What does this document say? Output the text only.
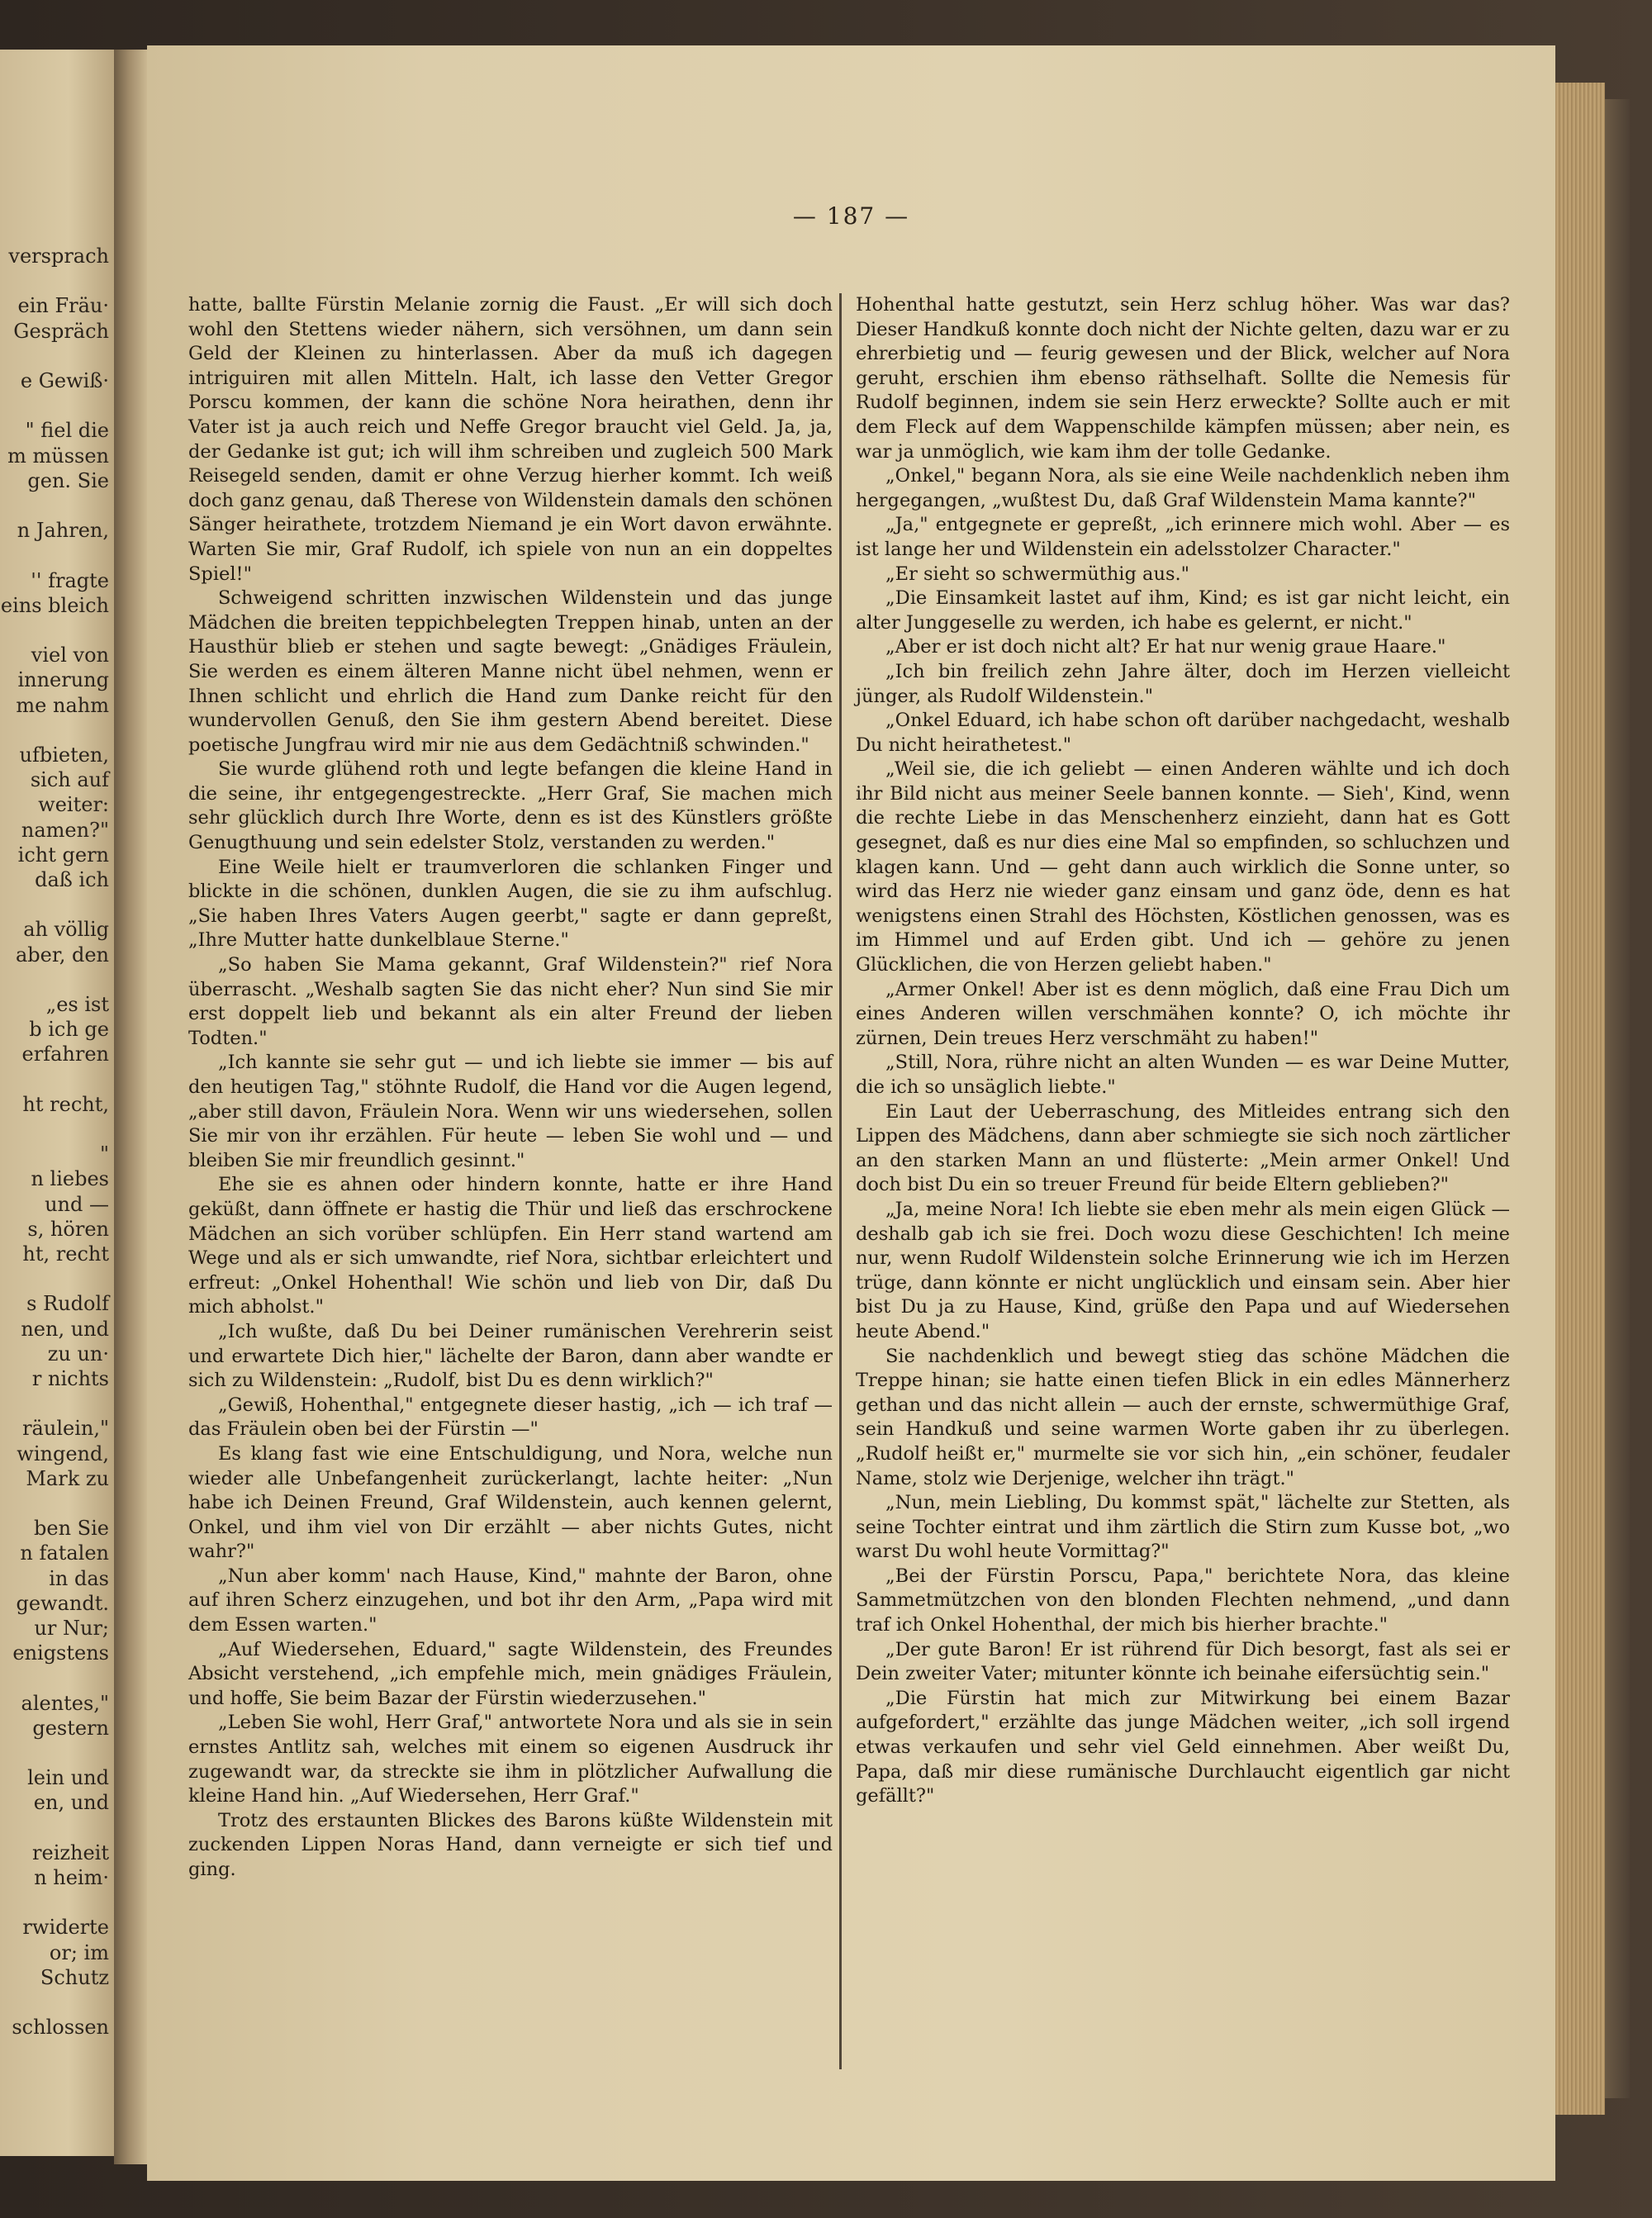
versprach
ein Fräu·
Gespräch
e Gewiß·
" fiel die
m müssen
gen. Sie
n Jahren,
'' fragte
eins bleich
viel von
innerung
me nahm
ufbieten,
sich auf
weiter:
namen?"
icht gern
daß ich
ah völlig
aber, den
„es ist
b ich ge
erfahren
ht recht,
"
n liebes
und —
s, hören
ht, recht
s Rudolf
nen, und
zu un·
r nichts
räulein,"
wingend,
Mark zu
ben Sie
n fatalen
in das
gewandt.
ur Nur;
enigstens
alentes,"
gestern
lein und
en, und
reizheit
n heim·
rwiderte
or; im
Schutz
schlossen
— 187 —

hatte, ballte Fürstin Melanie zornig die Faust. „Er will sich doch wohl den Stettens wieder nähern, sich versöhnen, um dann sein Geld der Kleinen zu hinterlassen. Aber da muß ich dagegen intriguiren mit allen Mitteln. Halt, ich lasse den Vetter Gregor Porscu kommen, der kann die schöne Nora heirathen, denn ihr Vater ist ja auch reich und Neffe Gregor braucht viel Geld. Ja, ja, der Gedanke ist gut; ich will ihm schreiben und zugleich 500 Mark Reisegeld senden, damit er ohne Verzug hierher kommt. Ich weiß doch ganz genau, daß Therese von Wildenstein damals den schönen Sänger heirathete, trotzdem Niemand je ein Wort davon erwähnte. Warten Sie mir, Graf Rudolf, ich spiele von nun an ein doppeltes Spiel!"

Schweigend schritten inzwischen Wildenstein und das junge Mädchen die breiten teppichbelegten Treppen hinab, unten an der Hausthür blieb er stehen und sagte bewegt: „Gnädiges Fräulein, Sie werden es einem älteren Manne nicht übel nehmen, wenn er Ihnen schlicht und ehrlich die Hand zum Danke reicht für den wundervollen Genuß, den Sie ihm gestern Abend bereitet. Diese poetische Jungfrau wird mir nie aus dem Gedächtniß schwinden."

Sie wurde glühend roth und legte befangen die kleine Hand in die seine, ihr entgegengestreckte. „Herr Graf, Sie machen mich sehr glücklich durch Ihre Worte, denn es ist des Künstlers größte Genugthuung und sein edelster Stolz, verstanden zu werden."

Eine Weile hielt er traumverloren die schlanken Finger und blickte in die schönen, dunklen Augen, die sie zu ihm aufschlug. „Sie haben Ihres Vaters Augen geerbt," sagte er dann gepreßt, „Ihre Mutter hatte dunkelblaue Sterne."

„So haben Sie Mama gekannt, Graf Wildenstein?" rief Nora überrascht. „Weshalb sagten Sie das nicht eher? Nun sind Sie mir erst doppelt lieb und bekannt als ein alter Freund der lieben Todten."

„Ich kannte sie sehr gut — und ich liebte sie immer — bis auf den heutigen Tag," stöhnte Rudolf, die Hand vor die Augen legend, „aber still davon, Fräulein Nora. Wenn wir uns wiedersehen, sollen Sie mir von ihr erzählen. Für heute — leben Sie wohl und — und bleiben Sie mir freundlich gesinnt."

Ehe sie es ahnen oder hindern konnte, hatte er ihre Hand geküßt, dann öffnete er hastig die Thür und ließ das erschrockene Mädchen an sich vorüber schlüpfen. Ein Herr stand wartend am Wege und als er sich umwandte, rief Nora, sichtbar erleichtert und erfreut: „Onkel Hohenthal! Wie schön und lieb von Dir, daß Du mich abholst."

„Ich wußte, daß Du bei Deiner rumänischen Verehrerin seist und erwartete Dich hier," lächelte der Baron, dann aber wandte er sich zu Wildenstein: „Rudolf, bist Du es denn wirklich?"

„Gewiß, Hohenthal," entgegnete dieser hastig, „ich — ich traf — das Fräulein oben bei der Fürstin —"

Es klang fast wie eine Entschuldigung, und Nora, welche nun wieder alle Unbefangenheit zurückerlangt, lachte heiter: „Nun habe ich Deinen Freund, Graf Wildenstein, auch kennen gelernt, Onkel, und ihm viel von Dir erzählt — aber nichts Gutes, nicht wahr?"

„Nun aber komm' nach Hause, Kind," mahnte der Baron, ohne auf ihren Scherz einzugehen, und bot ihr den Arm, „Papa wird mit dem Essen warten."

„Auf Wiedersehen, Eduard," sagte Wildenstein, des Freundes Absicht verstehend, „ich empfehle mich, mein gnädiges Fräulein, und hoffe, Sie beim Bazar der Fürstin wiederzusehen."

„Leben Sie wohl, Herr Graf," antwortete Nora und als sie in sein ernstes Antlitz sah, welches mit einem so eigenen Ausdruck ihr zugewandt war, da streckte sie ihm in plötzlicher Aufwallung die kleine Hand hin. „Auf Wiedersehen, Herr Graf."

Trotz des erstaunten Blickes des Barons küßte Wildenstein mit zuckenden Lippen Noras Hand, dann verneigte er sich tief und ging.

Hohenthal hatte gestutzt, sein Herz schlug höher. Was war das? Dieser Handkuß konnte doch nicht der Nichte gelten, dazu war er zu ehrerbietig und — feurig gewesen und der Blick, welcher auf Nora geruht, erschien ihm ebenso räthselhaft. Sollte die Nemesis für Rudolf beginnen, indem sie sein Herz erweckte? Sollte auch er mit dem Fleck auf dem Wappenschilde kämpfen müssen; aber nein, es war ja unmöglich, wie kam ihm der tolle Gedanke.

„Onkel," begann Nora, als sie eine Weile nachdenklich neben ihm hergegangen, „wußtest Du, daß Graf Wildenstein Mama kannte?"

„Ja," entgegnete er gepreßt, „ich erinnere mich wohl. Aber — es ist lange her und Wildenstein ein adelsstolzer Character."

„Er sieht so schwermüthig aus."

„Die Einsamkeit lastet auf ihm, Kind; es ist gar nicht leicht, ein alter Junggeselle zu werden, ich habe es gelernt, er nicht."

„Aber er ist doch nicht alt? Er hat nur wenig graue Haare."

„Ich bin freilich zehn Jahre älter, doch im Herzen vielleicht jünger, als Rudolf Wildenstein."

„Onkel Eduard, ich habe schon oft darüber nachgedacht, weshalb Du nicht heirathetest."

„Weil sie, die ich geliebt — einen Anderen wählte und ich doch ihr Bild nicht aus meiner Seele bannen konnte. — Sieh', Kind, wenn die rechte Liebe in das Menschenherz einzieht, dann hat es Gott gesegnet, daß es nur dies eine Mal so empfinden, so schluchzen und klagen kann. Und — geht dann auch wirklich die Sonne unter, so wird das Herz nie wieder ganz einsam und ganz öde, denn es hat wenigstens einen Strahl des Höchsten, Köstlichen genossen, was es im Himmel und auf Erden gibt. Und ich — gehöre zu jenen Glücklichen, die von Herzen geliebt haben."

„Armer Onkel! Aber ist es denn möglich, daß eine Frau Dich um eines Anderen willen verschmähen konnte? O, ich möchte ihr zürnen, Dein treues Herz verschmäht zu haben!"

„Still, Nora, rühre nicht an alten Wunden — es war Deine Mutter, die ich so unsäglich liebte."

Ein Laut der Ueberraschung, des Mitleides entrang sich den Lippen des Mädchens, dann aber schmiegte sie sich noch zärtlicher an den starken Mann an und flüsterte: „Mein armer Onkel! Und doch bist Du ein so treuer Freund für beide Eltern geblieben?"

„Ja, meine Nora! Ich liebte sie eben mehr als mein eigen Glück — deshalb gab ich sie frei. Doch wozu diese Geschichten! Ich meine nur, wenn Rudolf Wildenstein solche Erinnerung wie ich im Herzen trüge, dann könnte er nicht unglücklich und einsam sein. Aber hier bist Du ja zu Hause, Kind, grüße den Papa und auf Wiedersehen heute Abend."

Sie nachdenklich und bewegt stieg das schöne Mädchen die Treppe hinan; sie hatte einen tiefen Blick in ein edles Männerherz gethan und das nicht allein — auch der ernste, schwermüthige Graf, sein Handkuß und seine warmen Worte gaben ihr zu überlegen. „Rudolf heißt er," murmelte sie vor sich hin, „ein schöner, feudaler Name, stolz wie Derjenige, welcher ihn trägt."

„Nun, mein Liebling, Du kommst spät," lächelte zur Stetten, als seine Tochter eintrat und ihm zärtlich die Stirn zum Kusse bot, „wo warst Du wohl heute Vormittag?"

„Bei der Fürstin Porscu, Papa," berichtete Nora, das kleine Sammetmützchen von den blonden Flechten nehmend, „und dann traf ich Onkel Hohenthal, der mich bis hierher brachte."

„Der gute Baron! Er ist rührend für Dich besorgt, fast als sei er Dein zweiter Vater; mitunter könnte ich beinahe eifersüchtig sein."

„Die Fürstin hat mich zur Mitwirkung bei einem Bazar aufgefordert," erzählte das junge Mädchen weiter, „ich soll irgend etwas verkaufen und sehr viel Geld einnehmen. Aber weißt Du, Papa, daß mir diese rumänische Durchlaucht eigentlich gar nicht gefällt?"
